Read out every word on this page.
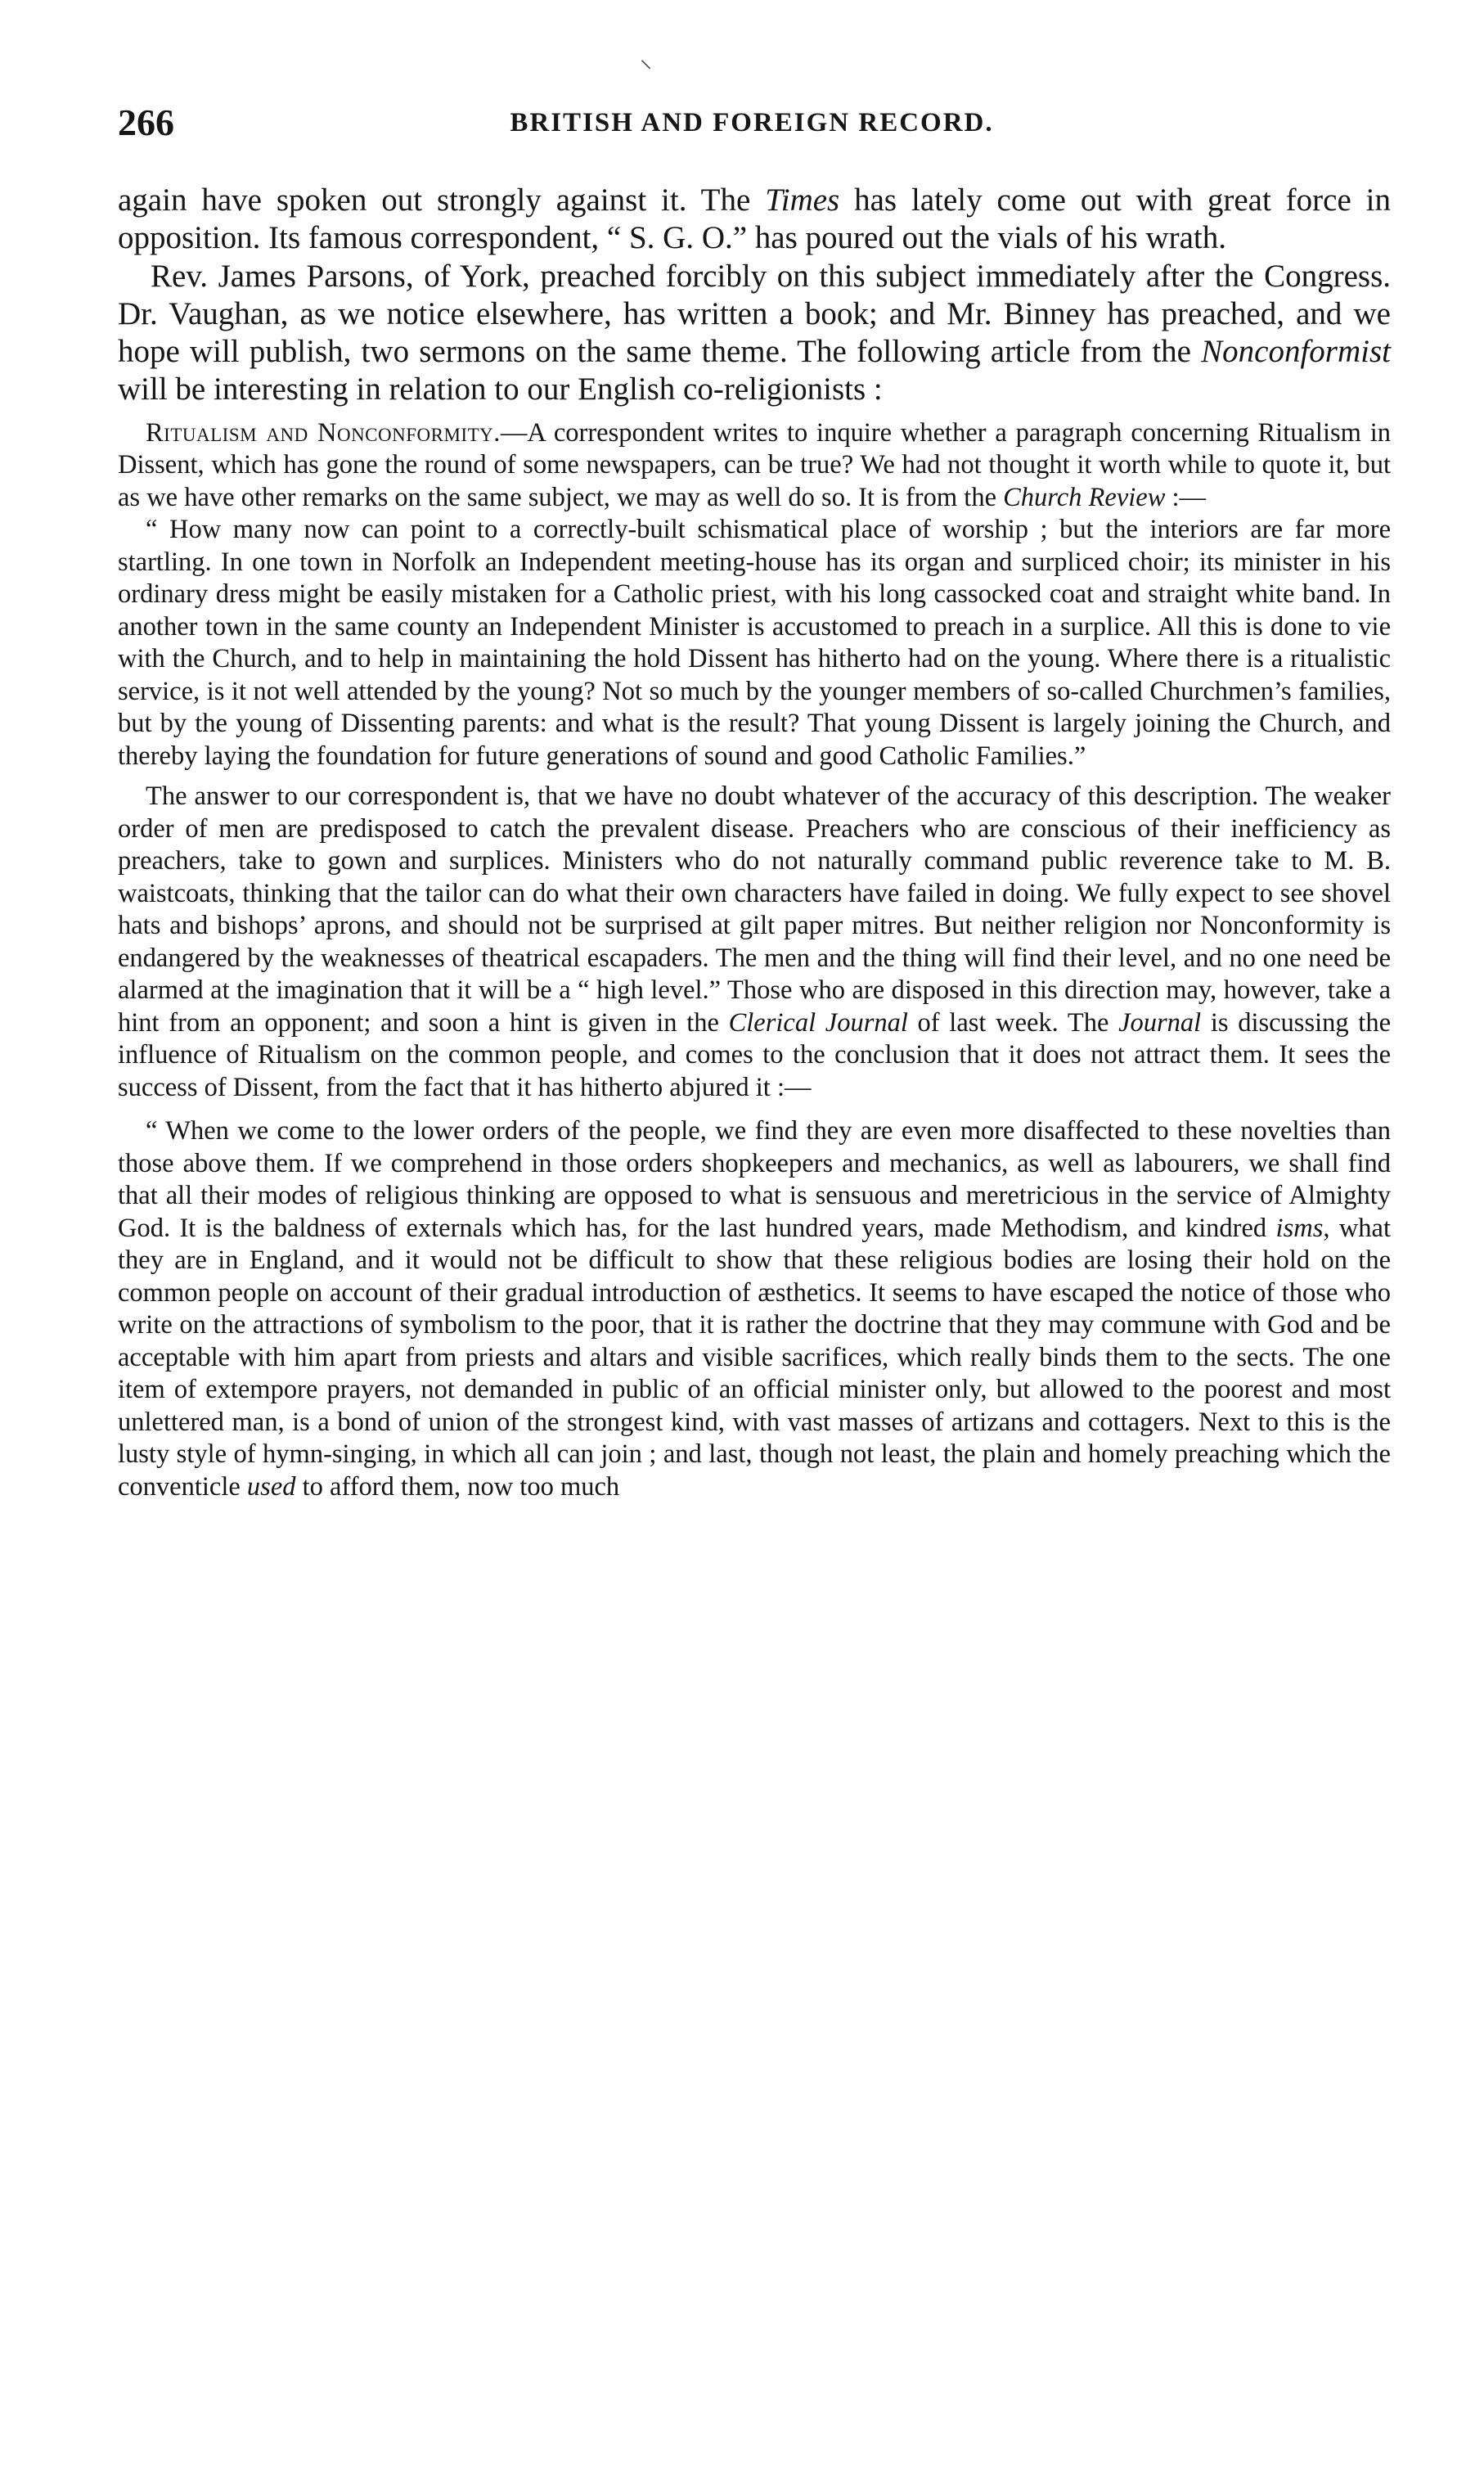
⸜
266	BRITISH AND FOREIGN RECORD.

again have spoken out strongly against it. The Times has lately come out with great force in opposition. Its famous correspondent, “ S. G. O.” has poured out the vials of his wrath.

Rev. James Parsons, of York, preached forcibly on this subject immediately after the Congress. Dr. Vaughan, as we notice elsewhere, has written a book; and Mr. Binney has preached, and we hope will publish, two sermons on the same theme. The following article from the Nonconformist will be interesting in relation to our English co-religionists :

Ritualism and Nonconformity.—A correspondent writes to inquire whether a paragraph concerning Ritualism in Dissent, which has gone the round of some newspapers, can be true? We had not thought it worth while to quote it, but as we have other remarks on the same subject, we may as well do so. It is from the Church Review :—

“ How many now can point to a correctly-built schismatical place of worship ; but the interiors are far more startling. In one town in Norfolk an Independent meeting-house has its organ and surpliced choir; its minister in his ordinary dress might be easily mistaken for a Catholic priest, with his long cassocked coat and straight white band. In another town in the same county an Independent Minister is accustomed to preach in a surplice. All this is done to vie with the Church, and to help in maintaining the hold Dissent has hitherto had on the young. Where there is a ritualistic service, is it not well attended by the young? Not so much by the younger members of so-called Churchmen’s families, but by the young of Dissenting parents: and what is the result? That young Dissent is largely joining the Church, and thereby laying the foundation for future generations of sound and good Catholic Families.”

The answer to our correspondent is, that we have no doubt whatever of the accuracy of this description. The weaker order of men are predisposed to catch the prevalent disease. Preachers who are conscious of their inefficiency as preachers, take to gown and surplices. Ministers who do not naturally command public reverence take to M. B. waistcoats, thinking that the tailor can do what their own characters have failed in doing. We fully expect to see shovel hats and bishops’ aprons, and should not be surprised at gilt paper mitres. But neither religion nor Nonconformity is endangered by the weaknesses of theatrical escapaders. The men and the thing will find their level, and no one need be alarmed at the imagination that it will be a “ high level.” Those who are disposed in this direction may, however, take a hint from an opponent; and soon a hint is given in the Clerical Journal of last week. The Journal is discussing the influence of Ritualism on the common people, and comes to the conclusion that it does not attract them. It sees the success of Dissent, from the fact that it has hitherto abjured it :—

“ When we come to the lower orders of the people, we find they are even more disaffected to these novelties than those above them. If we comprehend in those orders shopkeepers and mechanics, as well as labourers, we shall find that all their modes of religious thinking are opposed to what is sensuous and meretricious in the service of Almighty God. It is the baldness of externals which has, for the last hundred years, made Methodism, and kindred isms, what they are in England, and it would not be difficult to show that these religious bodies are losing their hold on the common people on account of their gradual introduction of æsthetics. It seems to have escaped the notice of those who write on the attractions of symbolism to the poor, that it is rather the doctrine that they may commune with God and be acceptable with him apart from priests and altars and visible sacrifices, which really binds them to the sects. The one item of extempore prayers, not demanded in public of an official minister only, but allowed to the poorest and most unlettered man, is a bond of union of the strongest kind, with vast masses of artizans and cottagers. Next to this is the lusty style of hymn-singing, in which all can join ; and last, though not least, the plain and homely preaching which the conventicle used to afford them, now too much
